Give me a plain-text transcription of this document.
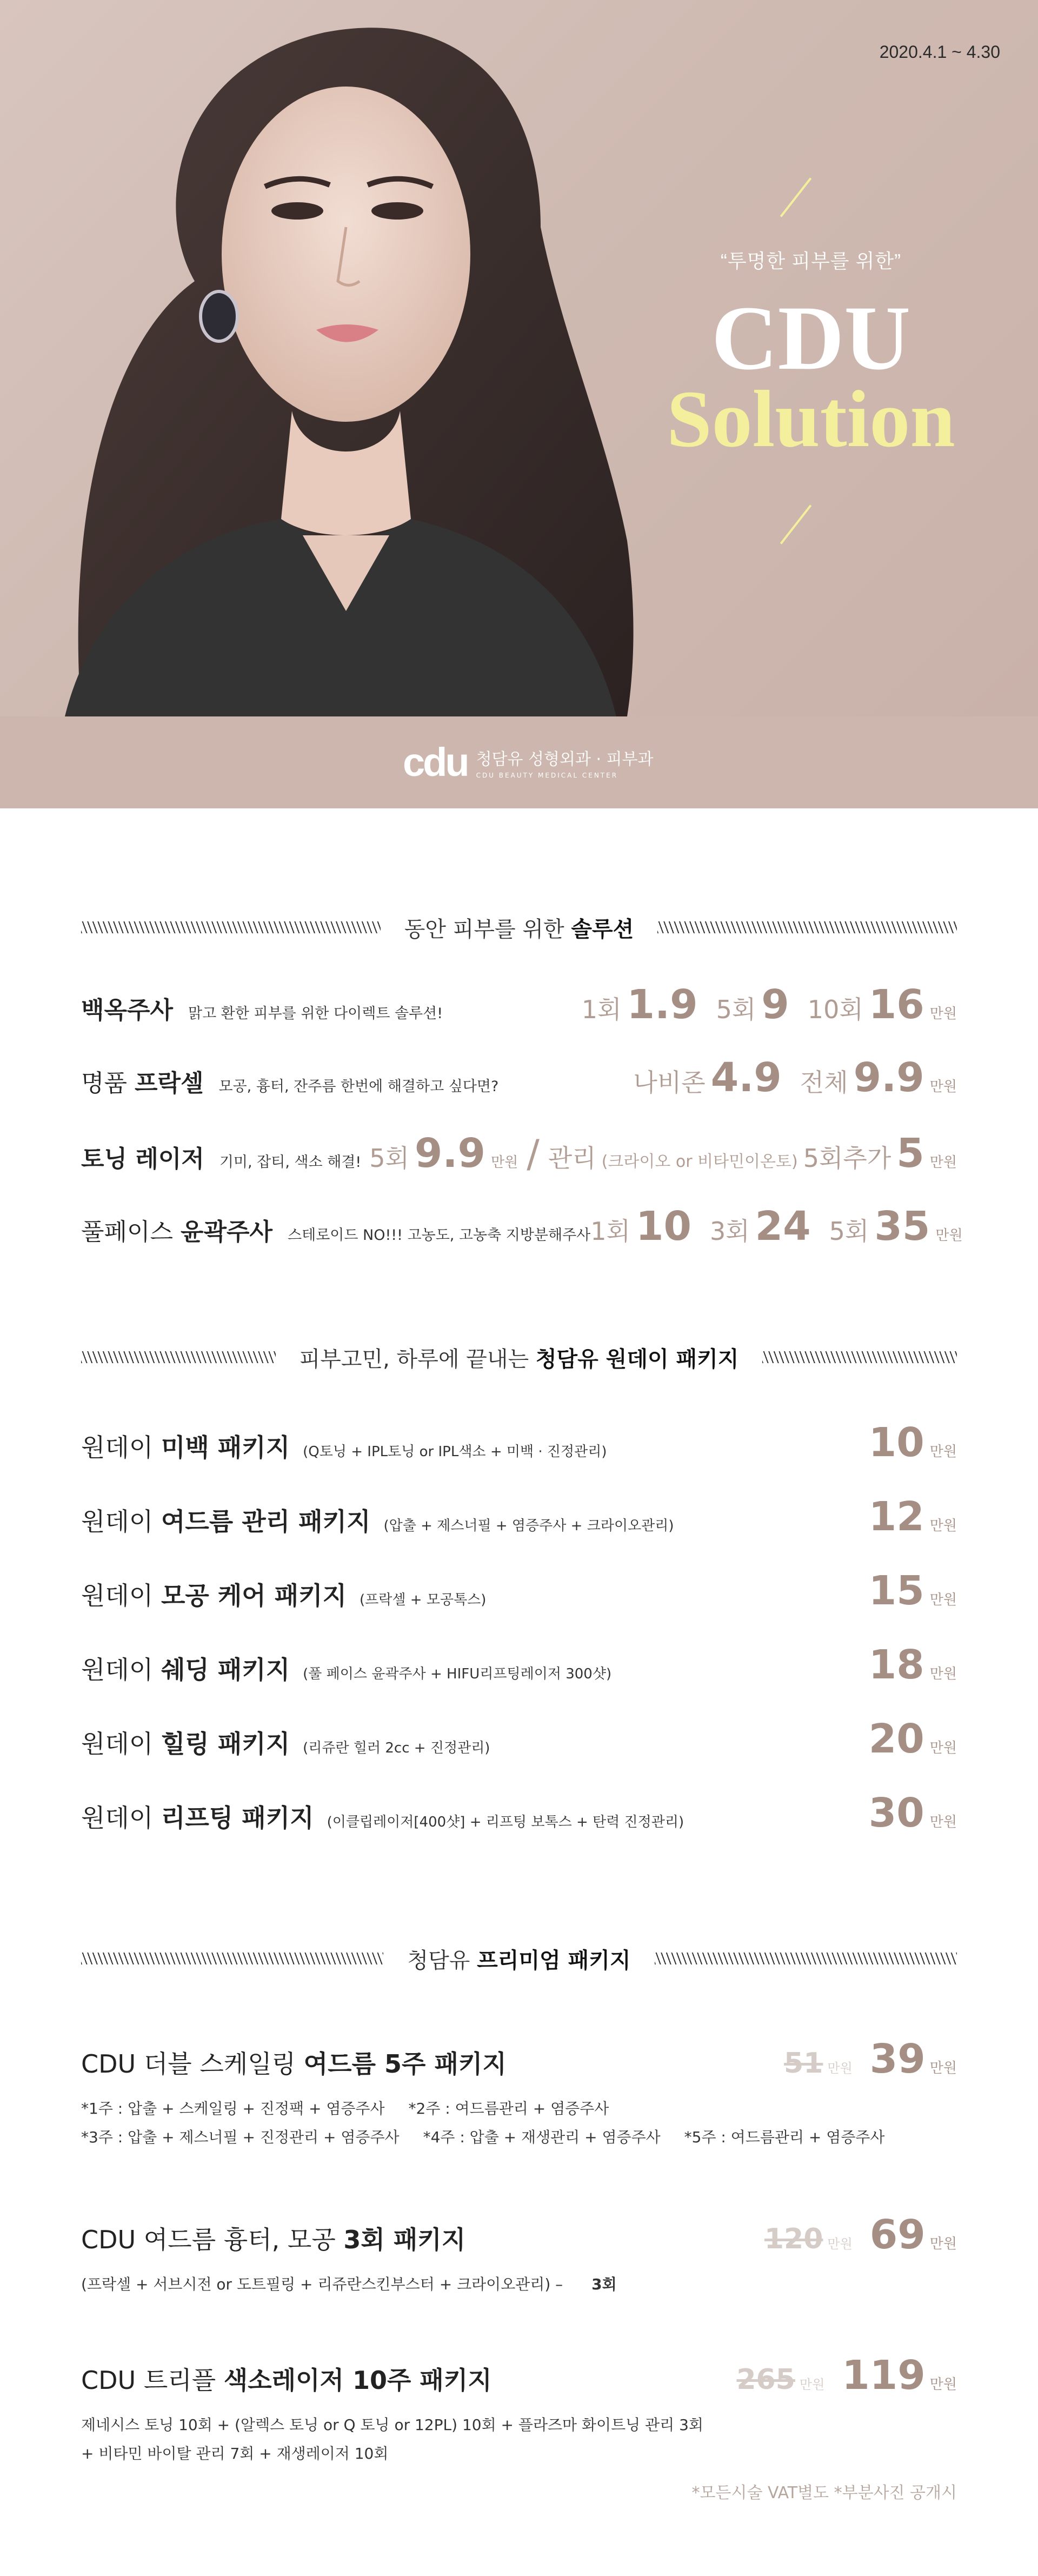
2020.4.1 ~ 4.30
“투명한 피부를 위한”
CDU
Solution
cdu 청담유 성형외과 · 피부과
CDU BEAUTY MEDICAL CENTER
동안 피부를 위한 솔루션
백옥주사 맑고 환한 피부를 위한 다이렉트 솔루션!	1회 1.9 5회 9 10회 16 만원
명품 프락셀 모공, 흉터, 잔주름 한번에 해결하고 싶다면?	나비존 4.9 전체 9.9 만원
토닝 레이저 기미, 잡티, 색소 해결! 5회 9.9 만원 / 관리 (크라이오 or 비타민이온토) 5회추가 5 만원
풀페이스 윤곽주사 스테로이드 NO!!! 고농도, 고농축 지방분해주사 1회 10 3회 24 5회 35 만원
피부고민, 하루에 끝내는 청담유 원데이 패키지
원데이 미백 패키지 (Q토닝 + IPL토닝 or IPL색소 + 미백 · 진정관리)	10 만원
원데이 여드름 관리 패키지 (압출 + 제스너필 + 염증주사 + 크라이오관리)	12 만원
원데이 모공 케어 패키지 (프락셀 + 모공톡스)	15 만원
원데이 쉐딩 패키지 (풀 페이스 윤곽주사 + HIFU리프팅레이저 300샷)	18 만원
원데이 힐링 패키지 (리쥬란 힐러 2cc + 진정관리)	20 만원
원데이 리프팅 패키지 (이클립레이저[400샷] + 리프팅 보톡스 + 탄력 진정관리)	30 만원
청담유 프리미엄 패키지
CDU 더블 스케일링 여드름 5주 패키지	51 만원 39 만원
*1주 : 압출 + 스케일링 + 진정팩 + 염증주사 *2주 : 여드름관리 + 염증주사
*3주 : 압출 + 제스너필 + 진정관리 + 염증주사 *4주 : 압출 + 재생관리 + 염증주사 *5주 : 여드름관리 + 염증주사
CDU 여드름 흉터, 모공 3회 패키지	120 만원 69 만원
(프락셀 + 서브시전 or 도트필링 + 리쥬란스킨부스터 + 크라이오관리) – 3회
CDU 트리플 색소레이저 10주 패키지	265 만원 119 만원
제네시스 토닝 10회 + (알렉스 토닝 or Q 토닝 or 12PL) 10회 + 플라즈마 화이트닝 관리 3회
+ 비타민 바이탈 관리 7회 + 재생레이저 10회
*모든시술 VAT별도 *부분사진 공개시
